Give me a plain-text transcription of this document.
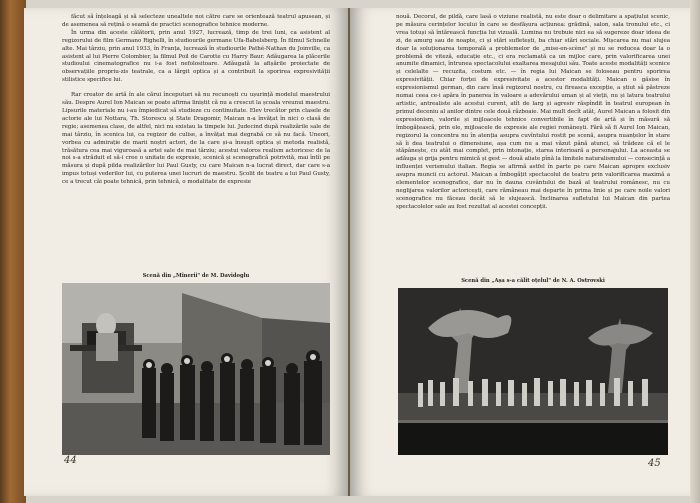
făcut să înțeleagă și să selecteze unealtele noi către care se orientează teatrul apusean, și de asemenea să rețină o seamă de practici scenografice tehnice moderne.

În urma din aceste călătorii, prin anul 1927, lucrează, timp de trei luni, ca asistent al regizorului de film Germano Righelli, în studiourile germane Ufa-Babelsberg. În filmul Schnelle alte. Mai târziu, prin anul 1933, în Franța, lucrează în studiourile Pathé-Nathan du Joinville, ca asistent al lui Pierre Colombier, la filmul Poil de Carotte cu Harry Baur. Adăugarea la plăcerile studioului cinematografice nu i-a fost nefolositoare. Adăugată la afișările proiectate de observațiile propriu-zis teatrale, ca a lărgit optica și a contribuit la sporirea expresivității stilistice specifice lui.

Rar creator de artă în ale cărui începuturi să nu recunoști cu ușurință modelul maestrului său. Despre Aurel Ion Maican se poate afirma liniștit că nu a crescut la școala vreunui maestru. Lipsurile materiale nu i-au împiedicat să studieze cu continuitate. Elev trecător prin clasele de actorie ale lui Nottara, Th. Storescu și State Dragomir, Maican n-a învățat în nici o clasă de regie; asemenea clase, de altfel, nici nu existau la timpele lui. Judecind după realizările sale de mai târziu, în scenica lui, ca regizor de culise, a învățat mai degrabă ce să nu facă. Uneori, vorbea cu admirație de marii noștri actori, de la care și-a însușit optica și metoda realistă, trăsătura cea mai viguroasă a artei sale de mai târziu; acestui valoros realism actoricesc de la noi s-a străduit el să-i cree o unitate de expresie, scenică și scenografică potrivită, mai întîi pe măsura și după pilda realizărilor lui Paul Gusty, cu care Maican n-a lucrat direct, dar care s-a impus totuși vederilor lui, cu puterea unei lucruri de maestru. Școlit de teatru a lui Paul Gusty, ce a trecut căi poate tehnică, prin tehnică, o modalitate de expresie

Scenă din „Mînerii" de M. Davidoglu
44

nouă. Decorul, de pildă, care lasă o viziune realistă, nu este doar o delimitare a spațiului scenic, pe măsura cerințelor locului în care se desfășura acțiunea: grădină, salon, sala tronului etc., ci vrea totuși să întărească funcția lui vizuală. Lumina nu trebuie nici ea să sugereze doar ideea de zi, de amurg sau de noapte, ci și stări sufletești, ba chiar stări sociale. Mișcarea nu mai slujea doar la soluționarea temporală a problemelor de „mise-en-scène" și nu se reducea doar la o problemă de viteză, educație etc., ci era reclamată ca un mijloc care, prin valorificarea unei anumite dinamici, întrunea spectacolului exaltarea mesajului său. Toate aceste modalități scenice și celelalte — recuzita, costum etc. — în regia lui Maican se foloseau pentru sporirea expresivității. Chiar forței de expresivitate a acestor modalități. Maican o găsise în expresionismul german, din care însă regizorul nostru, cu fireasca excepție, a știut să păstreze numai ceea ce-i apăra în panerea în valoare a adevărului uman și al vieții, nu și latura teatrului artistic, antrealiste ale acestui curent, atît de larg și agresiv răspîndit în teatrul european în primul deceniu al anilor dintre cele două războaie. Mai mult decît atât, Aurel Maican a folosit din expresionism, valorile și mijloacele tehnice convertibile în fapt de artă și în măsură să îmbogățească, prin ele, mijloacele de expresie ale regiei românești. Fără să fi Aurel Ion Maican, regizorul la concentra nu în atenția asupra cuvîntului rostit pe scenă, asupra nuanțelor în stare să îi dea teatrului o dimensiune, așa cum nu a mai văzut până atunci, să trădeze că el le stăpânește, cu atât mai complet, prin intonație, starea interioară a personajului. La aceasta se adăuga și grija pentru mimică și gest — două aliate pînă la limitele naturalismului — consecință a influenței verismului italian. Regia se afirmă astfel în parte pe care Maican apropre exclusiv asupra muncii cu actorul. Maican a îmbogățit spectacolul de teatru prin valorificarea maximă a elementelor scenografice, dar nu în dauna cuvântului de bază al teatrului românesc, nu cu neglijarea valorilor actoricești, care rămâneau mai departe în prima linie și pe care noile valori scenografice nu făceau decât să le slujească. Înclinarea sufletului lui Maican din partea spectacolelor sale au fost rezultat al acestei concepții.

Scenă din „Așa s-a călit oțelul" de N. A. Ostrovski
45
